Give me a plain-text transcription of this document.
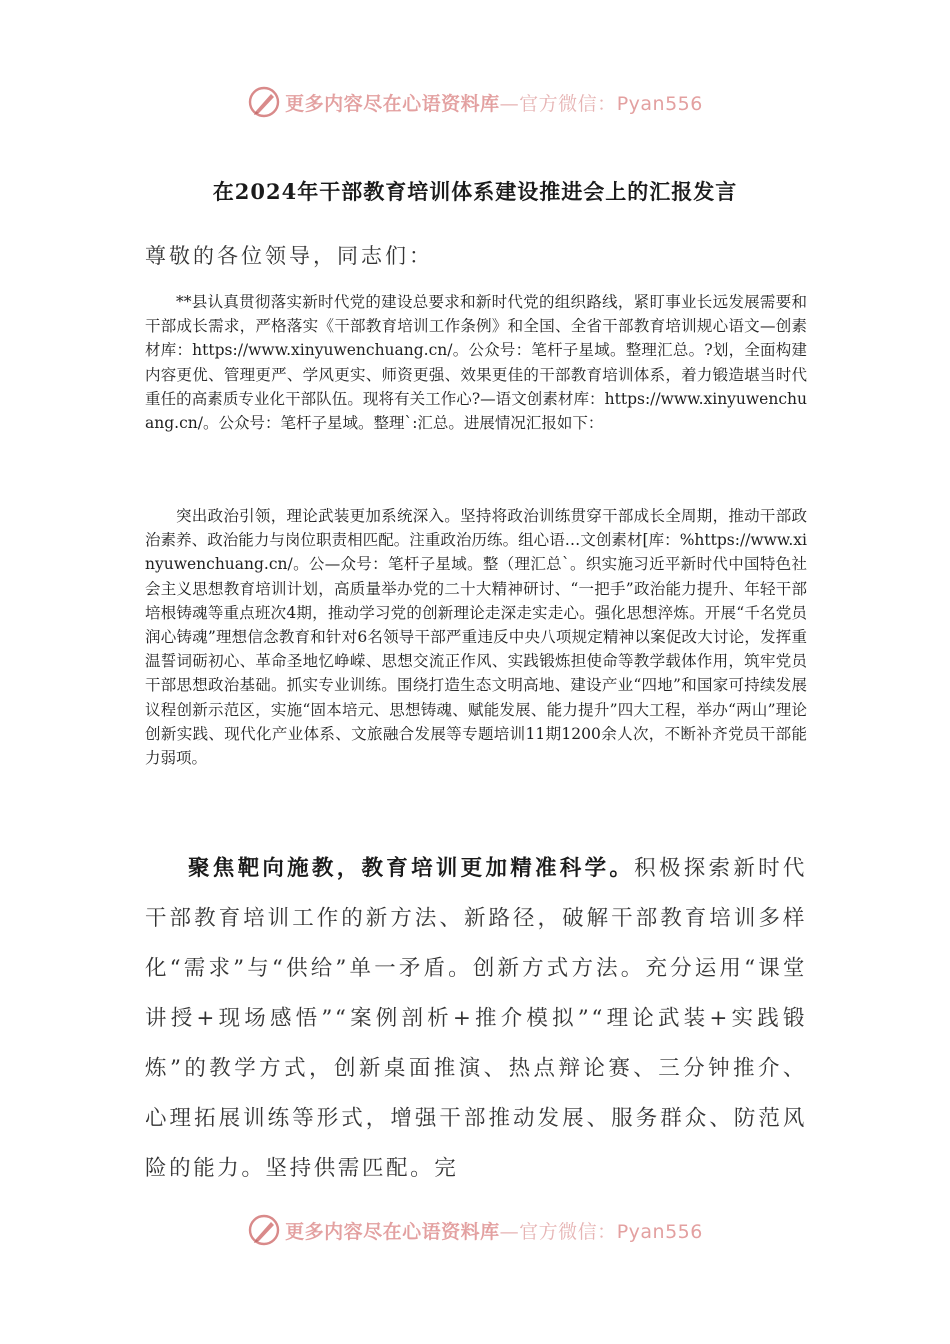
更多内容尽在心语资料库—官方微信：Pyan556
在2024年干部教育培训体系建设推进会上的汇报发言
尊敬的各位领导，同志们：
**县认真贯彻落实新时代党的建设总要求和新时代党的组织路线，紧盯事业长远发展需要和干部成长需求，严格落实《干部教育培训工作条例》和全国、全省干部教育培训规心语文—创素材库：https://www.xinyuwenchuang.cn/。公众号：笔杆子星域。整理汇总。?划，全面构建内容更优、管理更严、学风更实、师资更强、效果更佳的干部教育培训体系，着力锻造堪当时代重任的高素质专业化干部队伍。现将有关工作心?—语文创素材库：https://www.xinyuwenchuang.cn/。公众号：笔杆子星域。整理`:汇总。进展情况汇报如下：
突出政治引领，理论武装更加系统深入。坚持将政治训练贯穿干部成长全周期，推动干部政治素养、政治能力与岗位职责相匹配。注重政治历练。组心语…文创素材[库：%https://www.xinyuwenchuang.cn/。公—众号：笔杆子星域。整（理汇总`。织实施习近平新时代中国特色社会主义思想教育培训计划，高质量举办党的二十大精神研讨、“一把手”政治能力提升、年轻干部培根铸魂等重点班次4期，推动学习党的创新理论走深走实走心。强化思想淬炼。开展“千名党员润心铸魂”理想信念教育和针对6名领导干部严重违反中央八项规定精神以案促改大讨论，发挥重温誓词砺初心、革命圣地忆峥嵘、思想交流正作风、实践锻炼担使命等教学载体作用，筑牢党员干部思想政治基础。抓实专业训练。围绕打造生态文明高地、建设产业“四地”和国家可持续发展议程创新示范区，实施“固本培元、思想铸魂、赋能发展、能力提升”四大工程，举办“两山”理论创新实践、现代化产业体系、文旅融合发展等专题培训11期1200余人次，不断补齐党员干部能力弱项。
聚焦靶向施教，教育培训更加精准科学。积极探索新时代干部教育培训工作的新方法、新路径，破解干部教育培训多样化“需求”与“供给”单一矛盾。创新方式方法。充分运用“课堂讲授+现场感悟”“案例剖析+推介模拟”“理论武装+实践锻炼”的教学方式，创新桌面推演、热点辩论赛、三分钟推介、心理拓展训练等形式，增强干部推动发展、服务群众、防范风险的能力。坚持供需匹配。完
更多内容尽在心语资料库—官方微信：Pyan556
